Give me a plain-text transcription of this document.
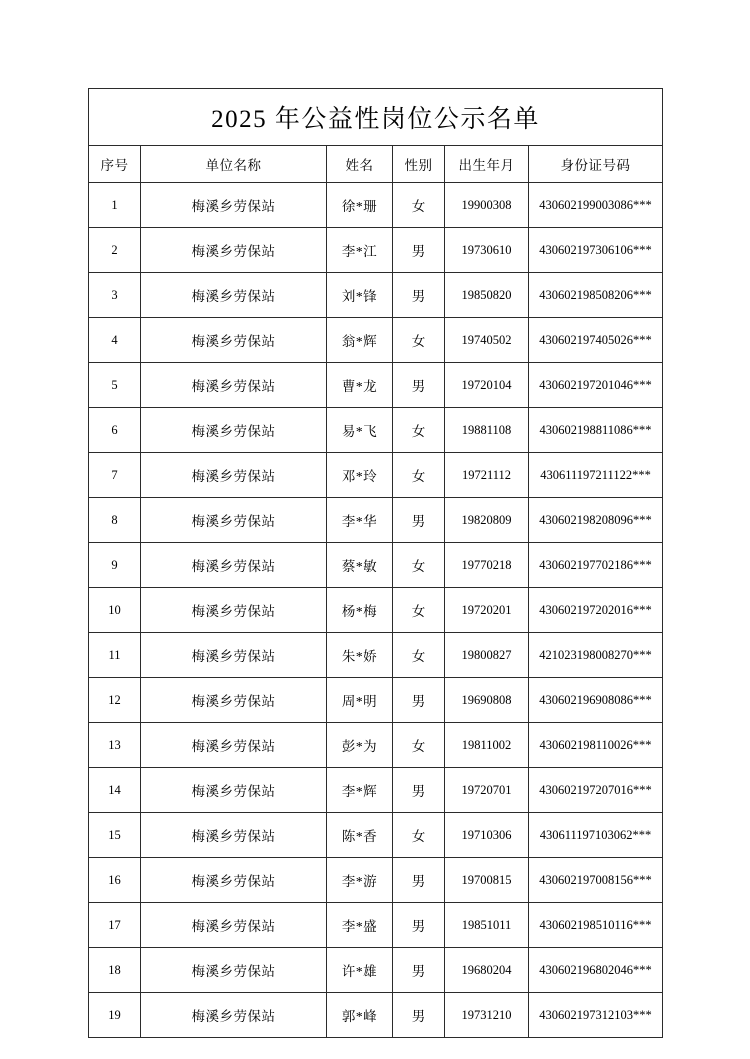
2025 年公益性岗位公示名单					
序号	单位名称	姓名	性别	出生年月	身份证号码
1	梅溪乡劳保站	徐*珊	女	19900308	430602199003086***
2	梅溪乡劳保站	李*江	男	19730610	430602197306106***
3	梅溪乡劳保站	刘*锋	男	19850820	430602198508206***
4	梅溪乡劳保站	翁*辉	女	19740502	430602197405026***
5	梅溪乡劳保站	曹*龙	男	19720104	430602197201046***
6	梅溪乡劳保站	易*飞	女	19881108	430602198811086***
7	梅溪乡劳保站	邓*玲	女	19721112	430611197211122***
8	梅溪乡劳保站	李*华	男	19820809	430602198208096***
9	梅溪乡劳保站	蔡*敏	女	19770218	430602197702186***
10	梅溪乡劳保站	杨*梅	女	19720201	430602197202016***
11	梅溪乡劳保站	朱*娇	女	19800827	421023198008270***
12	梅溪乡劳保站	周*明	男	19690808	430602196908086***
13	梅溪乡劳保站	彭*为	女	19811002	430602198110026***
14	梅溪乡劳保站	李*辉	男	19720701	430602197207016***
15	梅溪乡劳保站	陈*香	女	19710306	430611197103062***
16	梅溪乡劳保站	李*游	男	19700815	430602197008156***
17	梅溪乡劳保站	李*盛	男	19851011	430602198510116***
18	梅溪乡劳保站	许*雄	男	19680204	430602196802046***
19	梅溪乡劳保站	郭*峰	男	19731210	430602197312103***
